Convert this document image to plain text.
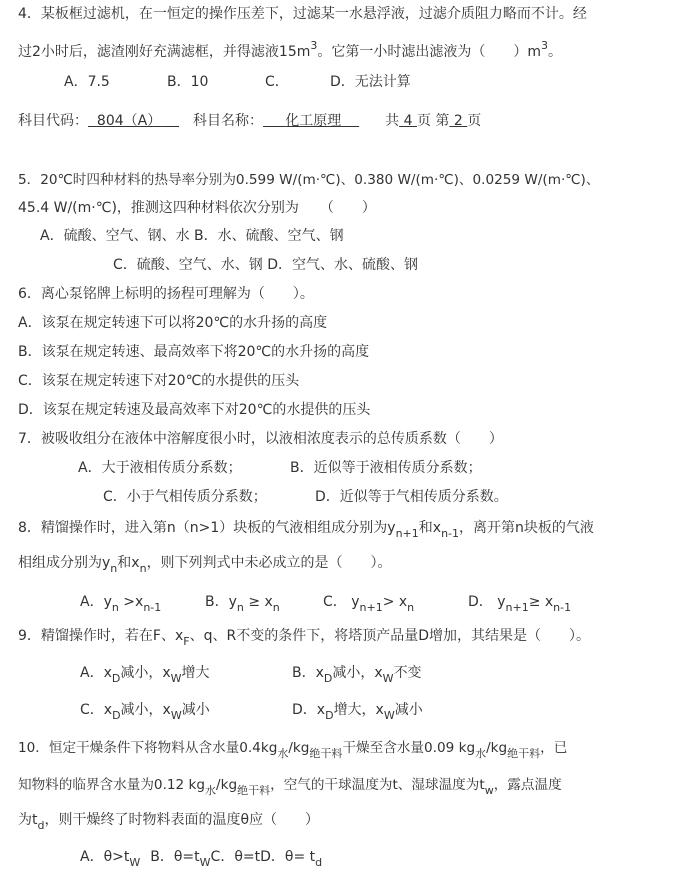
4．某板框过滤机，在一恒定的操作压差下，过滤某一水悬浮液，过滤介质阻力略而不计。经
过2小时后，滤渣刚好充满滤框，并得滤液$15m^3$。它第一小时滤出滤液为（　　）$m^3$。
A．7.5	B．10	C．	D．无法计算
科目代码： 804（A） 科目名称： 化工原理	共 4 页 第 2 页
5．20℃时四种材料的热导率分别为0.599 W/(m·℃)、0.380 W/(m·℃)、0.0259 W/(m·℃)、
45.4 W/(m·℃)，推测这四种材料依次分别为　　（　　）
A．硫酸、空气、钢、水 B．水、硫酸、空气、钢
C．硫酸、空气、水、钢 D．空气、水、硫酸、钢
6．离心泵铭牌上标明的扬程可理解为（　　）。
A．该泵在规定转速下可以将20℃的水升扬的高度
B．该泵在规定转速、最高效率下将20℃的水升扬的高度
C．该泵在规定转速下对20℃的水提供的压头
D．该泵在规定转速及最高效率下对20℃的水提供的压头
7．被吸收组分在液体中溶解度很小时，以液相浓度表示的总传质系数（　　）
A．大于液相传质分系数；	B．近似等于液相传质分系数；
C．小于气相传质分系数；	D．近似等于气相传质分系数。
8．精馏操作时，进入第n（n>1）块板的气液相组成分别为$y_{n+1}$和$x_{n-1}$，离开第n块板的气液
相组成分别为$y_n$和$x_n$，则下列判式中未必成立的是（　　）。
A．$y_n >x_{n-1}$	B．$y_n \ge x_n$	C． $y_{n+1}> x_n$	D． $y_{n+1}\ge x_{n-1}$
9．精馏操作时，若在F、$x_F$、q、R不变的条件下，将塔顶产品量D增加，其结果是（　　）。
A．$x_D$减小，$x_W$增大	B．$x_D$减小，$x_W$不变
C．$x_D$减小，$x_W$减小	D．$x_D$增大，$x_W$减小
10．恒定干燥条件下将物料从含水量$0.4kg_水/kg_{绝干料}$干燥至含水量0.09 $kg_水/kg_{绝干料}$，已
知物料的临界含水量为0.12 $kg_水/kg_{绝干料}$，空气的干球温度为t、湿球温度为$t_w$，露点温度
为$t_d$，则干燥终了时物料表面的温度θ应（　　）
A．$\theta>t_W$ B．$\theta=t_WC$．θ=tD．$\theta= t_d$
